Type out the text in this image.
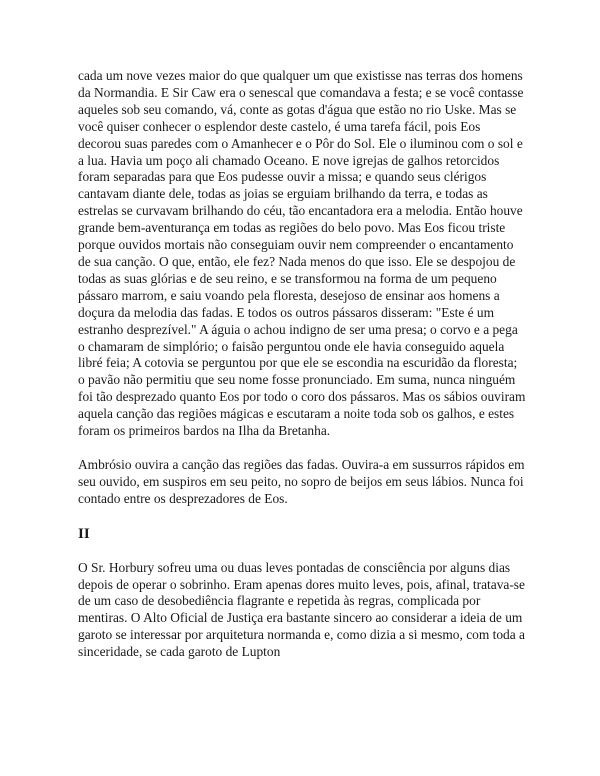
cada um nove vezes maior do que qualquer um que existisse nas terras dos homens da Normandia. E Sir Caw era o senescal que comandava a festa; e se você contasse aqueles sob seu comando, vá, conte as gotas d'água que estão no rio Uske. Mas se você quiser conhecer o esplendor deste castelo, é uma tarefa fácil, pois Eos decorou suas paredes com o Amanhecer e o Pôr do Sol. Ele o iluminou com o sol e a lua. Havia um poço ali chamado Oceano. E nove igrejas de galhos retorcidos foram separadas para que Eos pudesse ouvir a missa; e quando seus clérigos cantavam diante dele, todas as joias se erguiam brilhando da terra, e todas as estrelas se curvavam brilhando do céu, tão encantadora era a melodia. Então houve grande bem-aventurança em todas as regiões do belo povo. Mas Eos ficou triste porque ouvidos mortais não conseguiam ouvir nem compreender o encantamento de sua canção. O que, então, ele fez? Nada menos do que isso. Ele se despojou de todas as suas glórias e de seu reino, e se transformou na forma de um pequeno pássaro marrom, e saiu voando pela floresta, desejoso de ensinar aos homens a doçura da melodia das fadas. E todos os outros pássaros disseram: "Este é um estranho desprezível." A águia o achou indigno de ser uma presa; o corvo e a pega o chamaram de simplório; o faisão perguntou onde ele havia conseguido aquela libré feia; A cotovia se perguntou por que ele se escondia na escuridão da floresta; o pavão não permitiu que seu nome fosse pronunciado. Em suma, nunca ninguém foi tão desprezado quanto Eos por todo o coro dos pássaros. Mas os sábios ouviram aquela canção das regiões mágicas e escutaram a noite toda sob os galhos, e estes foram os primeiros bardos na Ilha da Bretanha.

Ambrósio ouvira a canção das regiões das fadas. Ouvira-a em sussurros rápidos em seu ouvido, em suspiros em seu peito, no sopro de beijos em seus lábios. Nunca foi contado entre os desprezadores de Eos.

II

O Sr. Horbury sofreu uma ou duas leves pontadas de consciência por alguns dias depois de operar o sobrinho. Eram apenas dores muito leves, pois, afinal, tratava-se de um caso de desobediência flagrante e repetida às regras, complicada por mentiras. O Alto Oficial de Justiça era bastante sincero ao considerar a ideia de um garoto se interessar por arquitetura normanda e, como dizia a si mesmo, com toda a sinceridade, se cada garoto de Lupton
